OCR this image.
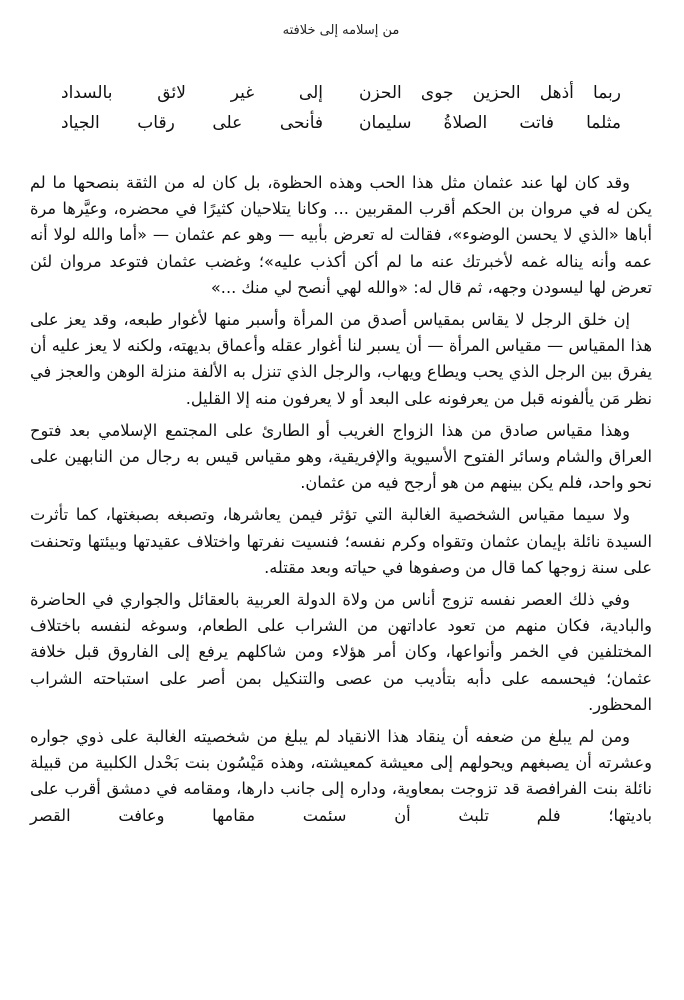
من إسلامه إلى خلافته
ربما أذهل الحزين جوى الحزن
إلى غير لائق بالسداد
مثلما فاتت الصلاةُ سليمان
فأنحى على رقاب الجياد

وقد كان لها عند عثمان مثل هذا الحب وهذه الحظوة، بل كان له من الثقة بنصحها ما لم يكن له في مروان بن الحكم أقرب المقربين ... وكانا يتلاحيان كثيرًا في محضره، وعيَّرها مرة أباها «الذي لا يحسن الوضوء»، فقالت له تعرض بأبيه — وهو عم عثمان — «أما والله لولا أنه عمه وأنه يناله غمه لأخبرتك عنه ما لم أكن أكذب عليه»؛ وغضب عثمان فتوعد مروان لئن تعرض لها ليسودن وجهه، ثم قال له: «والله لهي أنصح لي منك ...»

إن خلق الرجل لا يقاس بمقياس أصدق من المرأة وأسبر منها لأغوار طبعه، وقد يعز على هذا المقياس — مقياس المرأة — أن يسبر لنا أغوار عقله وأعماق بديهته، ولكنه لا يعز عليه أن يفرق بين الرجل الذي يحب ويطاع ويهاب، والرجل الذي تنزل به الألفة منزلة الوهن والعجز في نظر مَن يألفونه قبل من يعرفونه على البعد أو لا يعرفون منه إلا القليل.

وهذا مقياس صادق من هذا الزواج الغريب أو الطارئ على المجتمع الإسلامي بعد فتوح العراق والشام وسائر الفتوح الأسيوية والإفريقية، وهو مقياس قيس به رجال من النابهين على نحو واحد، فلم يكن بينهم من هو أرجح فيه من عثمان.

ولا سيما مقياس الشخصية الغالبة التي تؤثر فيمن يعاشرها، وتصبغه بصبغتها، كما تأثرت السيدة نائلة بإيمان عثمان وتقواه وكرم نفسه؛ فنسيت نفرتها واختلاف عقيدتها وبيئتها وتحنفت على سنة زوجها كما قال من وصفوها في حياته وبعد مقتله.

وفي ذلك العصر نفسه تزوج أناس من ولاة الدولة العربية بالعقائل والجواري في الحاضرة والبادية، فكان منهم من تعود عاداتهن من الشراب على الطعام، وسوغه لنفسه باختلاف المختلفين في الخمر وأنواعها، وكان أمر هؤلاء ومن شاكلهم يرفع إلى الفاروق قبل خلافة عثمان؛ فيحسمه على دأبه بتأديب من عصى والتنكيل بمن أصر على استباحته الشراب المحظور.

ومن لم يبلغ من ضعفه أن ينقاد هذا الانقياد لم يبلغ من شخصيته الغالبة على ذوي جواره وعشرته أن يصبغهم ويحولهم إلى معيشة كمعيشته، وهذه مَيْسُون بنت بَحْدل الكلبية من قبيلة نائلة بنت الفرافصة قد تزوجت بمعاوية، وداره إلى جانب دارها، ومقامه في دمشق أقرب على باديتها؛ فلم تلبث أن سئمت مقامها وعافت القصر
